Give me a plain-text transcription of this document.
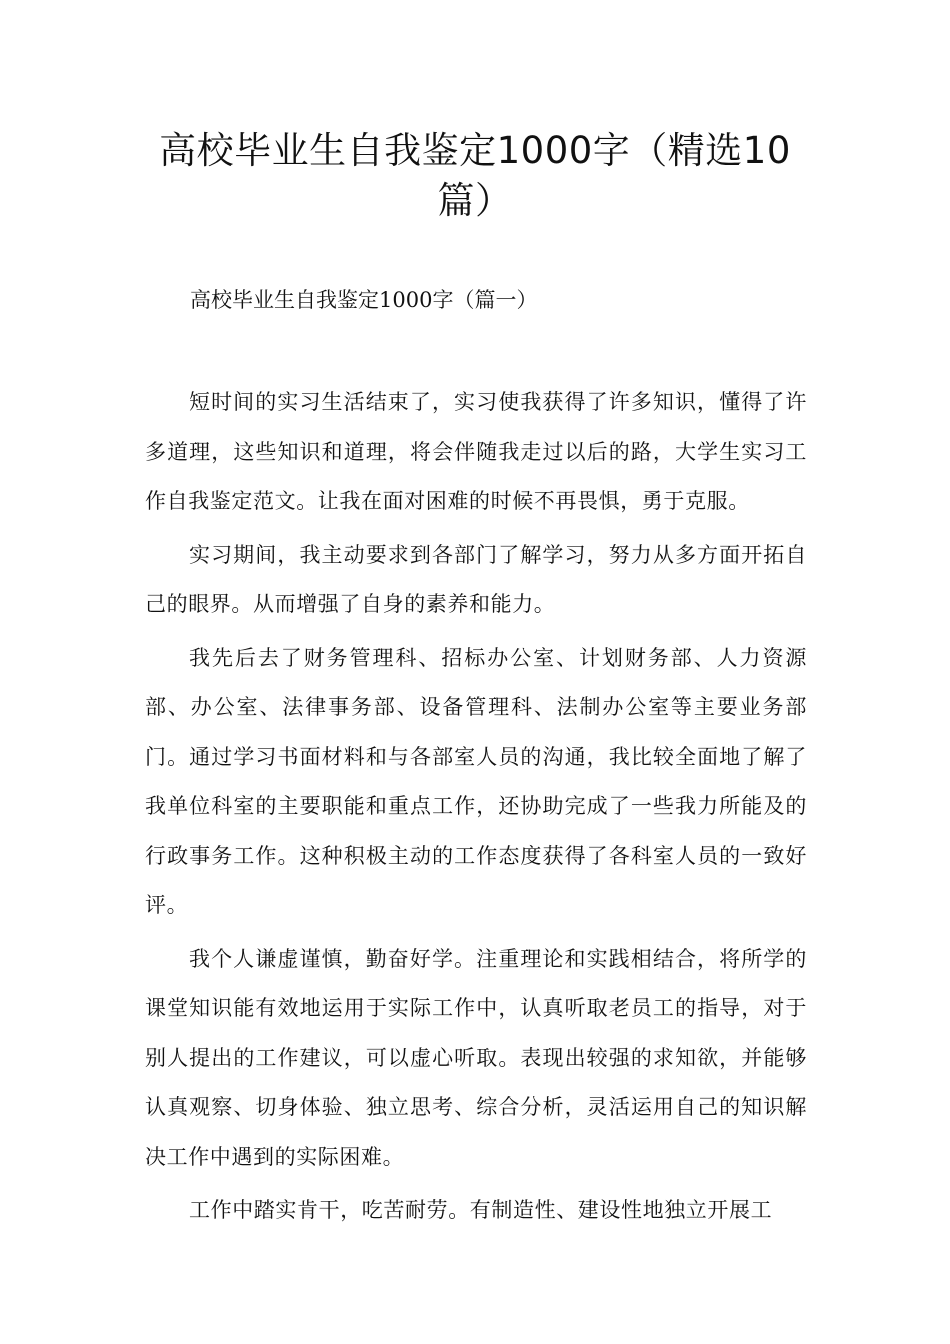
高校毕业生自我鉴定1000字（精选10篇）

高校毕业生自我鉴定1000字（篇一）

短时间的实习生活结束了，实习使我获得了许多知识，懂得了许多道理，这些知识和道理，将会伴随我走过以后的路，大学生实习工作自我鉴定范文。让我在面对困难的时候不再畏惧，勇于克服。

实习期间，我主动要求到各部门了解学习，努力从多方面开拓自己的眼界。从而增强了自身的素养和能力。

我先后去了财务管理科、招标办公室、计划财务部、人力资源部、办公室、法律事务部、设备管理科、法制办公室等主要业务部门。通过学习书面材料和与各部室人员的沟通，我比较全面地了解了我单位科室的主要职能和重点工作，还协助完成了一些我力所能及的行政事务工作。这种积极主动的工作态度获得了各科室人员的一致好评。

我个人谦虚谨慎，勤奋好学。注重理论和实践相结合，将所学的课堂知识能有效地运用于实际工作中，认真听取老员工的指导，对于别人提出的工作建议，可以虚心听取。表现出较强的求知欲，并能够认真观察、切身体验、独立思考、综合分析，灵活运用自己的知识解决工作中遇到的实际困难。

工作中踏实肯干，吃苦耐劳。有制造性、建设性地独立开展工
